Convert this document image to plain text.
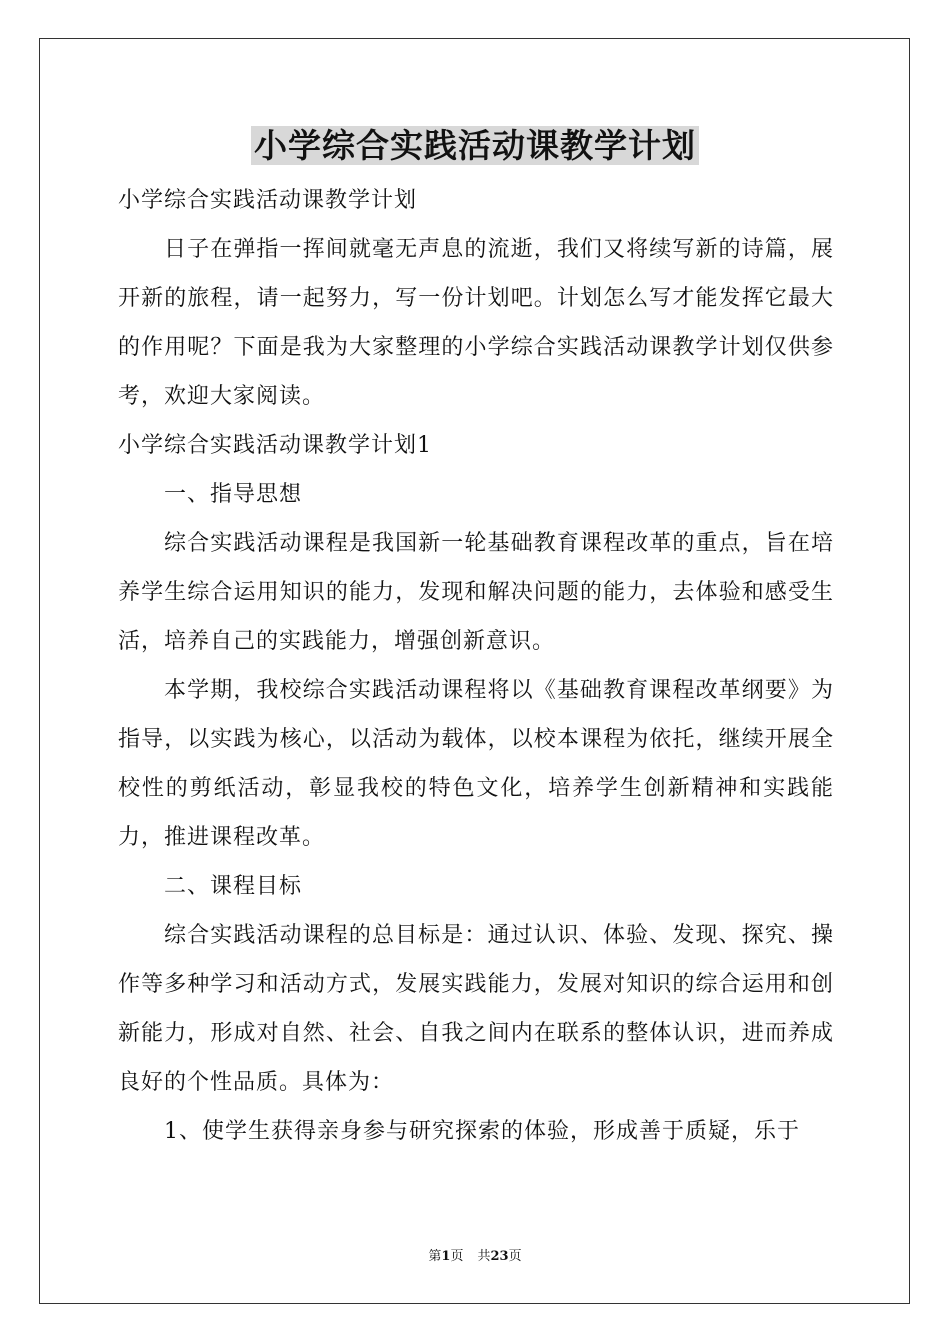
小学综合实践活动课教学计划

小学综合实践活动课教学计划

日子在弹指一挥间就毫无声息的流逝，我们又将续写新的诗篇，展开新的旅程，请一起努力，写一份计划吧。计划怎么写才能发挥它最大的作用呢？下面是我为大家整理的小学综合实践活动课教学计划仅供参考，欢迎大家阅读。

小学综合实践活动课教学计划1

一、指导思想

综合实践活动课程是我国新一轮基础教育课程改革的重点，旨在培养学生综合运用知识的能力，发现和解决问题的能力，去体验和感受生活，培养自己的实践能力，增强创新意识。

本学期，我校综合实践活动课程将以《基础教育课程改革纲要》为指导，以实践为核心，以活动为载体，以校本课程为依托，继续开展全校性的剪纸活动，彰显我校的特色文化，培养学生创新精神和实践能力，推进课程改革。

二、课程目标

综合实践活动课程的总目标是：通过认识、体验、发现、探究、操作等多种学习和活动方式，发展实践能力，发展对知识的综合运用和创新能力，形成对自然、社会、自我之间内在联系的整体认识，进而养成良好的个性品质。具体为：

1、使学生获得亲身参与研究探索的体验，形成善于质疑，乐于

第1页 共23页
